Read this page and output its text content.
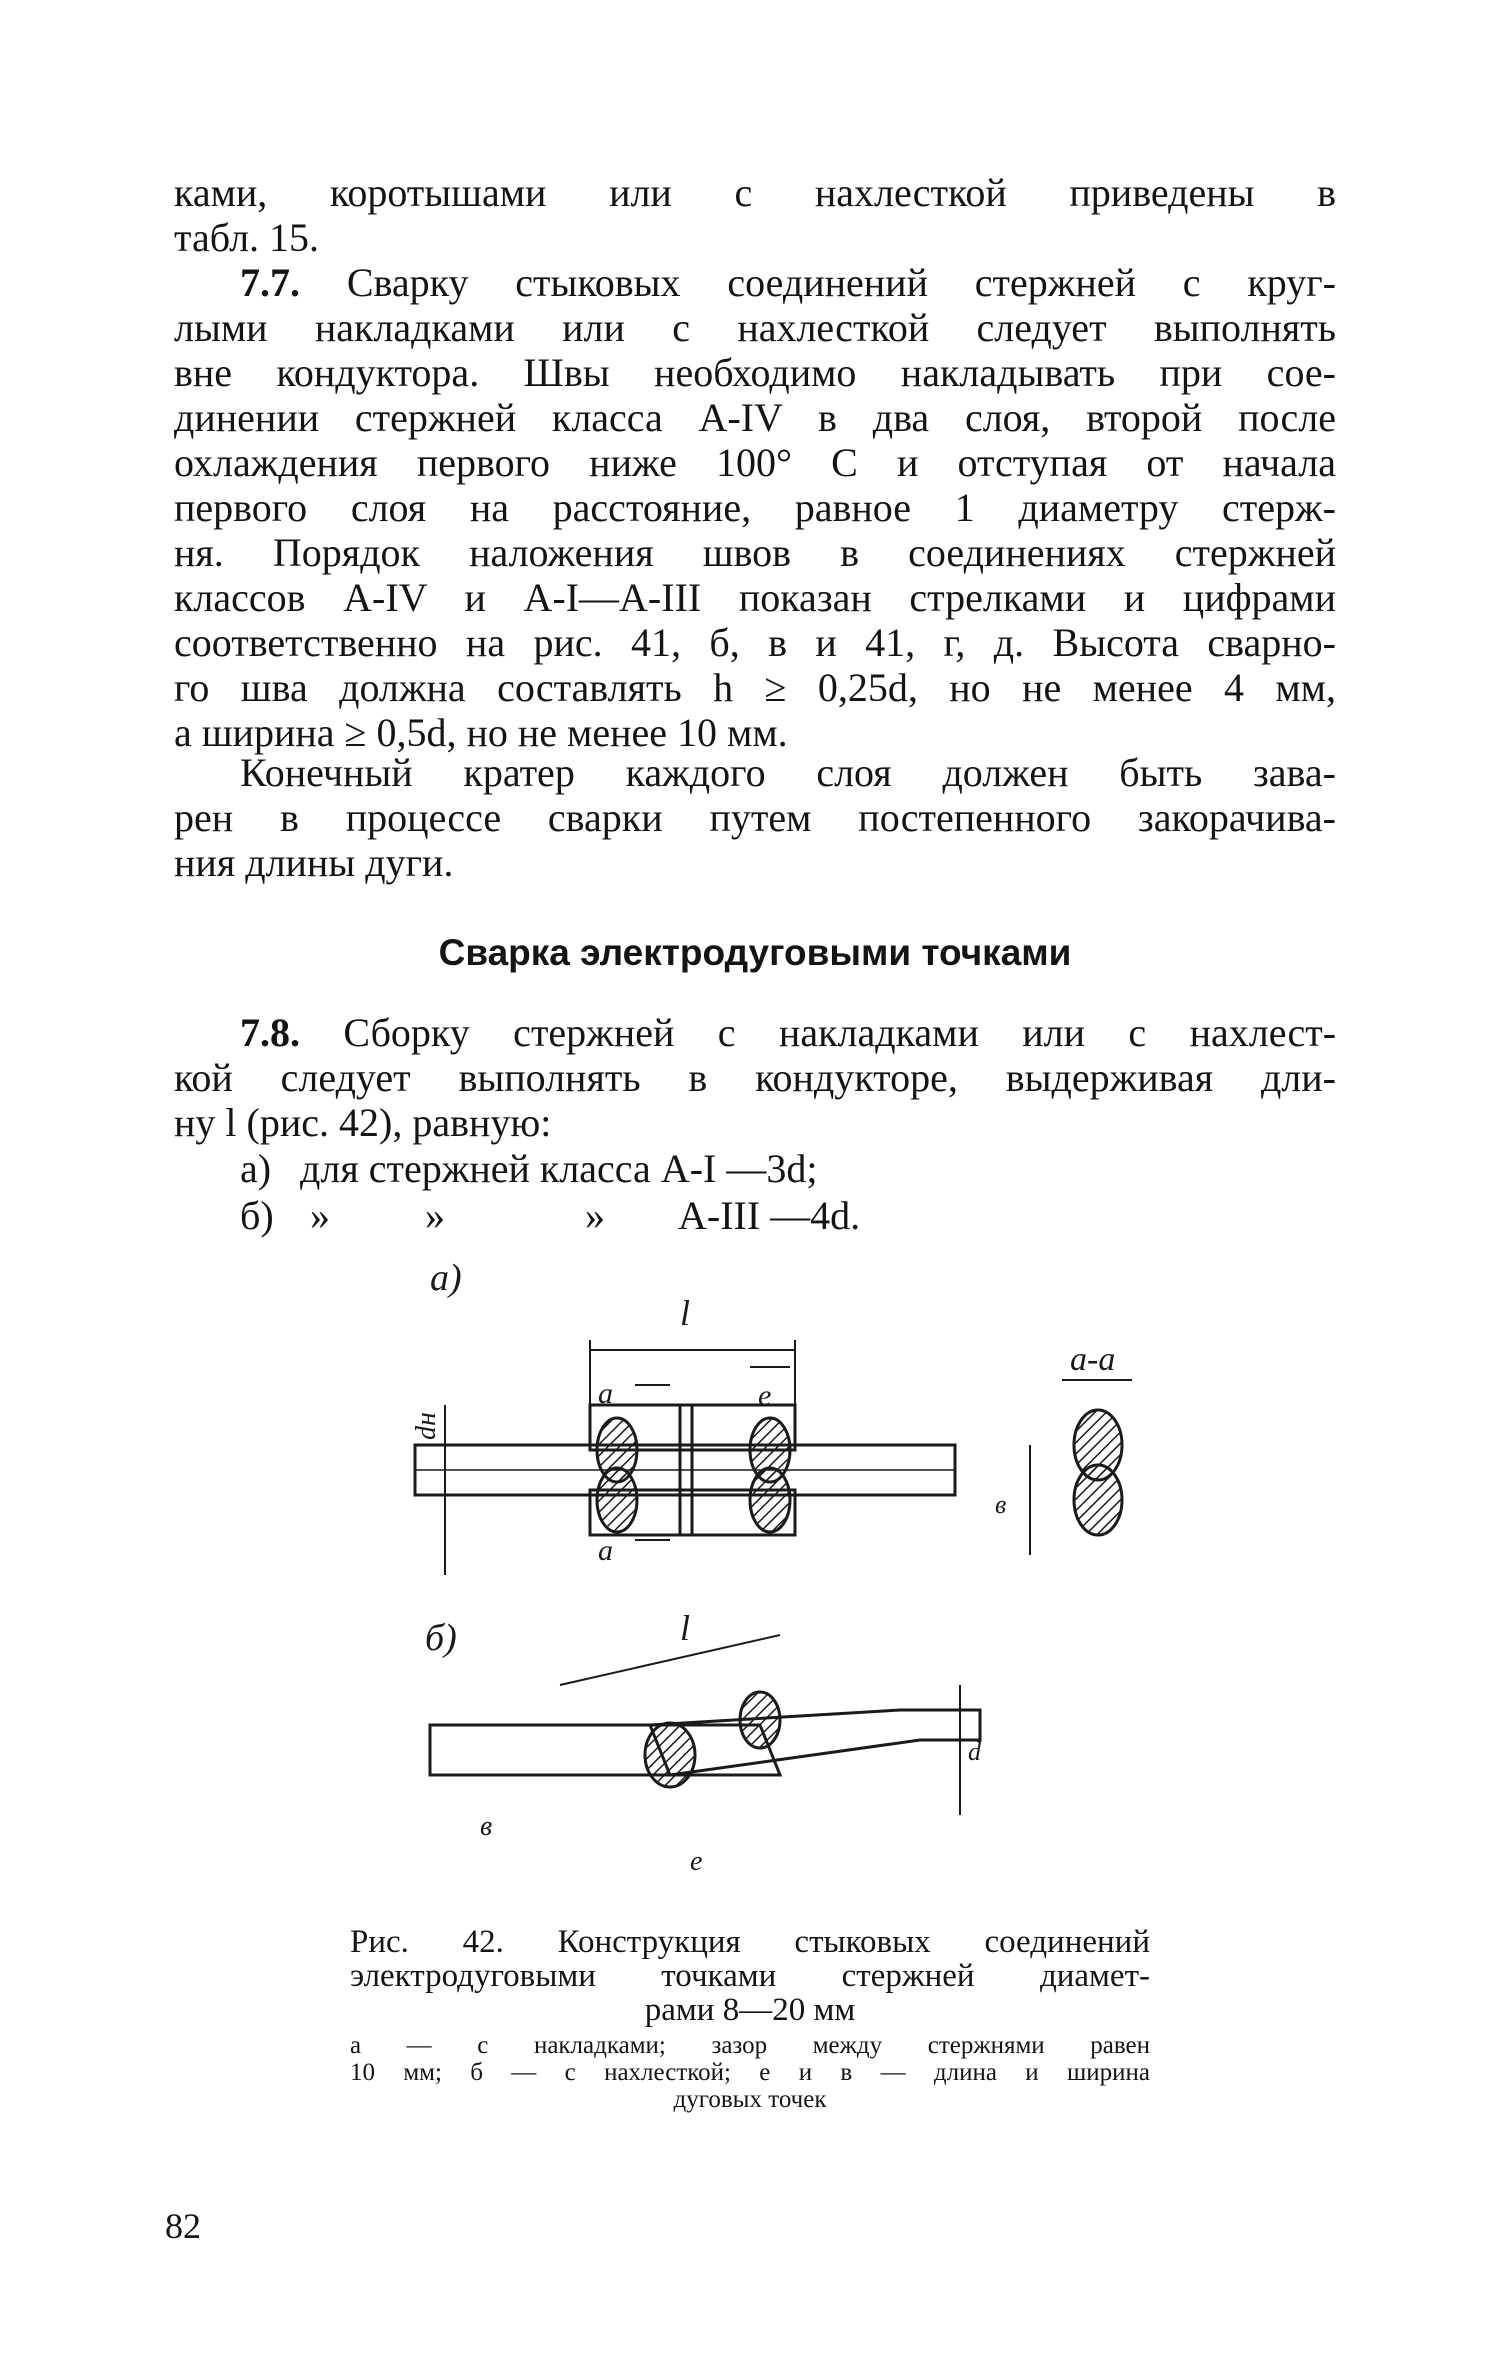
ками, коротышами или с нахлесткой приведены в
табл. 15.
7.7. Сварку стыковых соединений стержней с круг-
лыми накладками или с нахлесткой следует выполнять
вне кондуктора. Швы необходимо накладывать при сое-
динении стержней класса А-IV в два слоя, второй после
охлаждения первого ниже 100° С и отступая от начала
первого слоя на расстояние, равное 1 диаметру стерж-
ня. Порядок наложения швов в соединениях стержней
классов А-IV и А-I—А-III показан стрелками и цифрами
соответственно на рис. 41, б, в и 41, г, д. Высота сварно-
го шва должна составлять h ≥ 0,25d, но не менее 4 мм,
а ширина ≥ 0,5d, но не менее 10 мм.
Конечный кратер каждого слоя должен быть зава-
рен в процессе сварки путем постепенного закорачива-
ния длины дуги.
Сварка электродуговыми точками
7.8. Сборку стержней с накладками или с нахлест-
кой следует выполнять в кондукторе, выдерживая дли-
ну l (рис. 42), равную:
а) для стержней класса А-I —3d;
б) » »	» А-III —4d.
а)
l
е
а
а
dн
а-а
в
б)	l
в
е
d
Рис. 42. Конструкция стыковых соединений
электродуговыми точками стержней диамет-
рами 8—20 мм
а — с накладками; зазор между стержнями равен
10 мм; б — с нахлесткой; е и в — длина и ширина
дуговых точек
82
